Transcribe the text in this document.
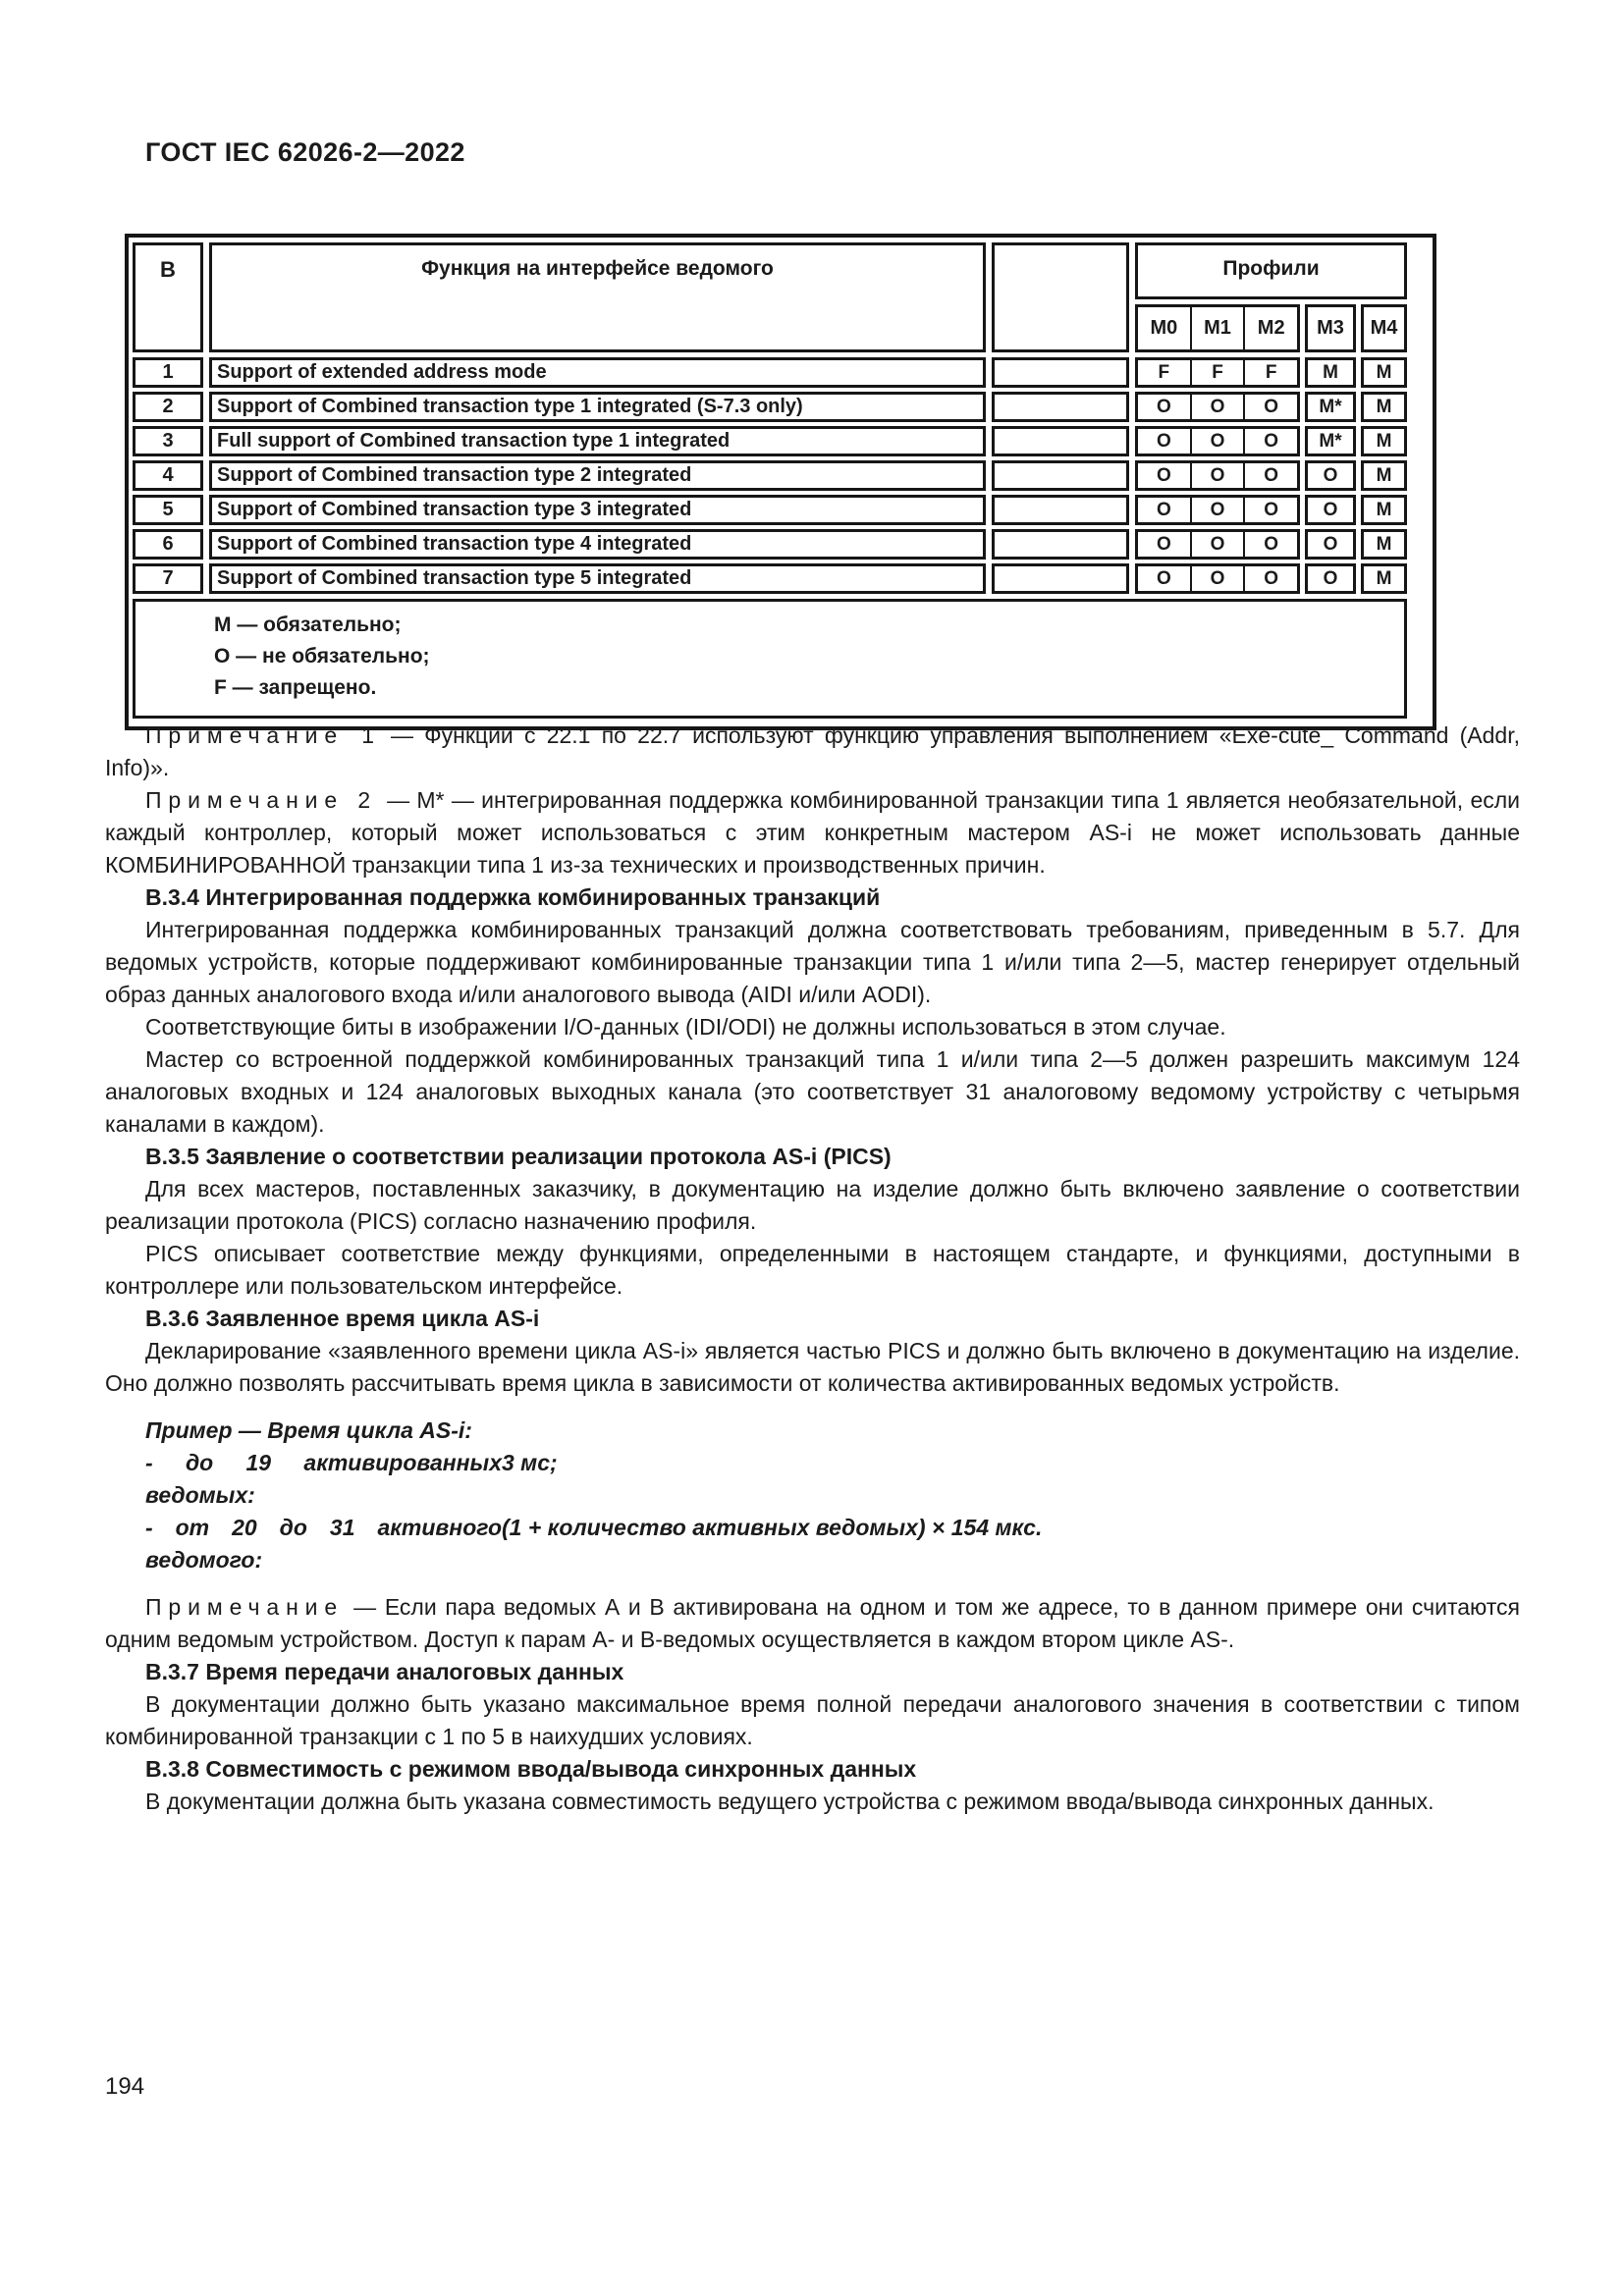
ГОСТ IEC 62026-2—2022
В	Функция на интерфейсе ведомого	Профили
M0	M1	M2	M3	M4
1	Support of extended address mode	F	F	F	M	M
2	Support of Combined transaction type 1 integrated (S-7.3 only)	O	O	O	M*	M
3	Full support of Combined transaction type 1 integrated	O	O	O	M*	M
4	Support of Combined transaction type 2 integrated	O	O	O	O	M
5	Support of Combined transaction type 3 integrated	O	O	O	O	M
6	Support of Combined transaction type 4 integrated	O	O	O	O	M
7	Support of Combined transaction type 5 integrated	O	O	O	O	M
М — обязательно;
О — не обязательно;
F — запрещено.

Примечание 1 — Функции с 22.1 по 22.7 используют функцию управления выполнением «Exe-cute_ Command (Addr, Info)».

Примечание 2 — М* — интегрированная поддержка комбинированной транзакции типа 1 является необязательной, если каждый контроллер, который может использоваться с этим конкретным мастером AS-i не может использовать данные КОМБИНИРОВАННОЙ транзакции типа 1 из-за технических и производственных причин.

В.3.4 Интегрированная поддержка комбинированных транзакций

Интегрированная поддержка комбинированных транзакций должна соответствовать требованиям, приведенным в 5.7. Для ведомых устройств, которые поддерживают комбинированные транзакции типа 1 и/или типа 2—5, мастер генерирует отдельный образ данных аналогового входа и/или аналогового вывода (AIDI и/или AODI).

Соответствующие биты в изображении I/O-данных (IDI/ODI) не должны использоваться в этом случае.

Мастер со встроенной поддержкой комбинированных транзакций типа 1 и/или типа 2—5 должен разрешить максимум 124 аналоговых входных и 124 аналоговых выходных канала (это соответствует 31 аналоговому ведомому устройству с четырьмя каналами в каждом).

В.3.5 Заявление о соответствии реализации протокола AS-i (PICS)

Для всех мастеров, поставленных заказчику, в документацию на изделие должно быть включено заявление о соответствии реализации протокола (PICS) согласно назначению профиля.

PICS описывает соответствие между функциями, определенными в настоящем стандарте, и функциями, доступными в контроллере или пользовательском интерфейсе.

В.3.6 Заявленное время цикла AS-i

Декларирование «заявленного времени цикла AS-i» является частью PICS и должно быть включено в документацию на изделие. Оно должно позволять рассчитывать время цикла в зависимости от количества активированных ведомых устройств.

Пример — Время цикла AS-i:
- до 19 активированных ведомых:
3 мс;
- от 20 до 31 активного ведомого:
(1 + количество активных ведомых) × 154 мкс.

Примечание — Если пара ведомых А и В активирована на одном и том же адресе, то в данном примере они считаются одним ведомым устройством. Доступ к парам А- и В-ведомых осуществляется в каждом втором цикле AS-.

В.3.7 Время передачи аналоговых данных

В документации должно быть указано максимальное время полной передачи аналогового значения в соответствии с типом комбинированной транзакции с 1 по 5 в наихудших условиях.

В.3.8 Совместимость с режимом ввода/вывода синхронных данных

В документации должна быть указана совместимость ведущего устройства с режимом ввода/вывода синхронных данных.

194
